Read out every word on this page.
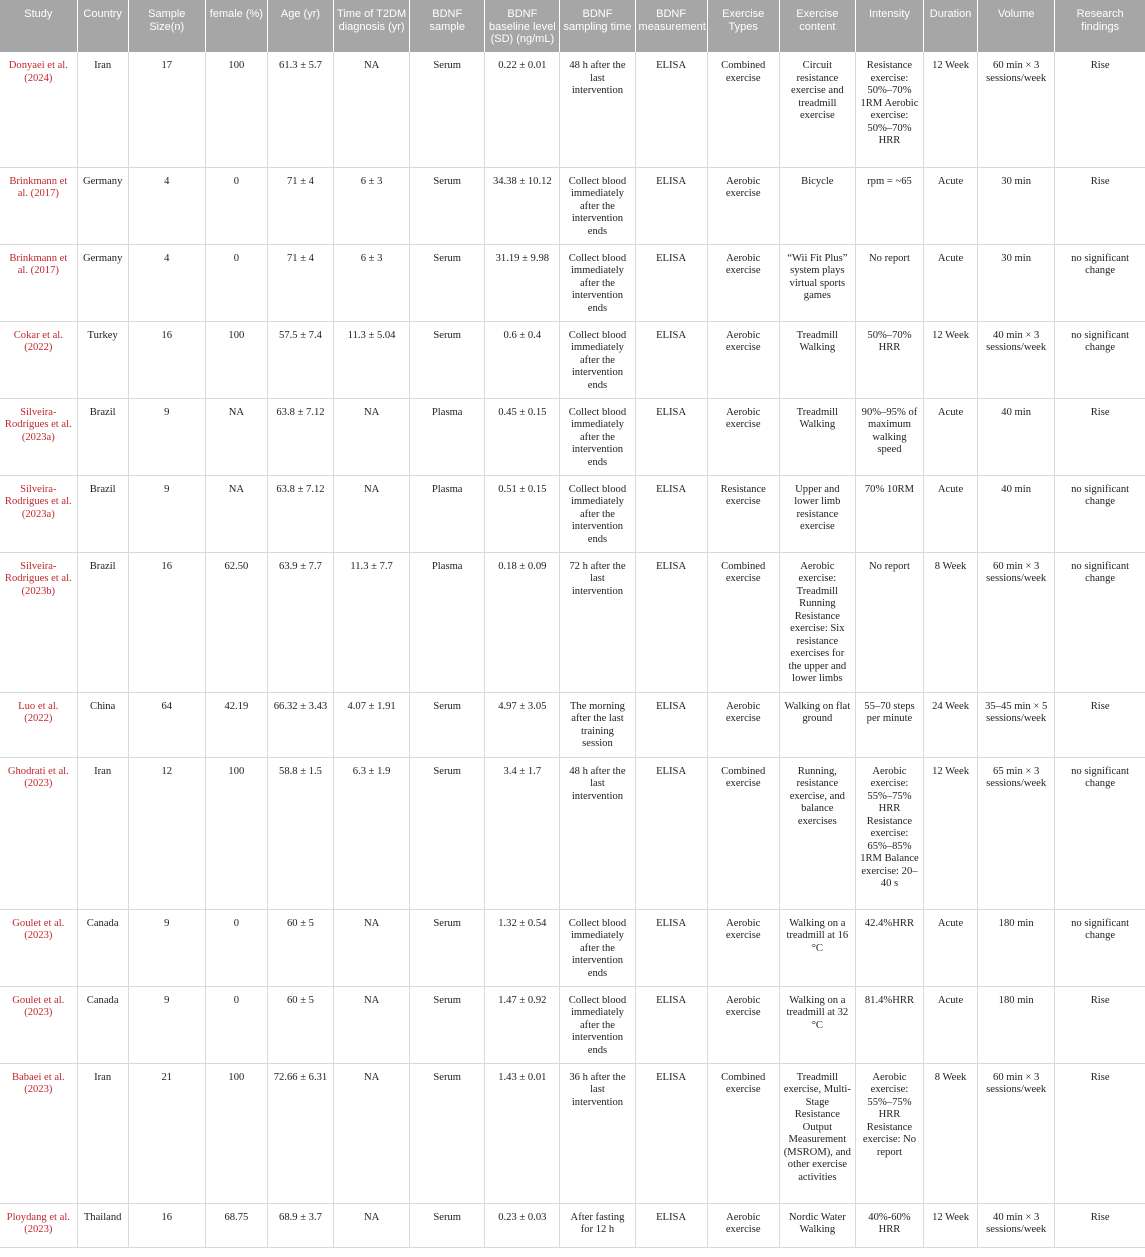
Study	Country	Sample Size(n)	female (%)	Age (yr)	Time of T2DM diagnosis (yr)	BDNF sample	BDNF baseline level (SD) (ng/mL)	BDNF sampling time	BDNF measurement	Exercise Types	Exercise content	Intensity	Duration	Volume	Research findings
Donyaei et al. (2024)	Iran	17	100	61.3 ± 5.7	NA	Serum	0.22 ± 0.01	48 h after the last intervention	ELISA	Combined exercise	Circuit resistance exercise and treadmill exercise	Resistance exercise: 50%–70% 1RM Aerobic exercise: 50%–70% HRR	12 Week	60 min × 3 sessions/week	Rise
Brinkmann et al. (2017)	Germany	4	0	71 ± 4	6 ± 3	Serum	34.38 ± 10.12	Collect blood immediately after the intervention ends	ELISA	Aerobic exercise	Bicycle	rpm = ~65	Acute	30 min	Rise
Brinkmann et al. (2017)	Germany	4	0	71 ± 4	6 ± 3	Serum	31.19 ± 9.98	Collect blood immediately after the intervention ends	ELISA	Aerobic exercise	“Wii Fit Plus” system plays virtual sports games	No report	Acute	30 min	no significant change
Cokar et al. (2022)	Turkey	16	100	57.5 ± 7.4	11.3 ± 5.04	Serum	0.6 ± 0.4	Collect blood immediately after the intervention ends	ELISA	Aerobic exercise	Treadmill Walking	50%–70% HRR	12 Week	40 min × 3 sessions/week	no significant change
Silveira-Rodrigues et al. (2023a)	Brazil	9	NA	63.8 ± 7.12	NA	Plasma	0.45 ± 0.15	Collect blood immediately after the intervention ends	ELISA	Aerobic exercise	Treadmill Walking	90%–95% of maximum walking speed	Acute	40 min	Rise
Silveira-Rodrigues et al. (2023a)	Brazil	9	NA	63.8 ± 7.12	NA	Plasma	0.51 ± 0.15	Collect blood immediately after the intervention ends	ELISA	Resistance exercise	Upper and lower limb resistance exercise	70% 10RM	Acute	40 min	no significant change
Silveira-Rodrigues et al. (2023b)	Brazil	16	62.50	63.9 ± 7.7	11.3 ± 7.7	Plasma	0.18 ± 0.09	72 h after the last intervention	ELISA	Combined exercise	Aerobic exercise: Treadmill Running Resistance exercise: Six resistance exercises for the upper and lower limbs	No report	8 Week	60 min × 3 sessions/week	no significant change
Luo et al. (2022)	China	64	42.19	66.32 ± 3.43	4.07 ± 1.91	Serum	4.97 ± 3.05	The morning after the last training session	ELISA	Aerobic exercise	Walking on flat ground	55–70 steps per minute	24 Week	35–45 min × 5 sessions/week	Rise
Ghodrati et al. (2023)	Iran	12	100	58.8 ± 1.5	6.3 ± 1.9	Serum	3.4 ± 1.7	48 h after the last intervention	ELISA	Combined exercise	Running, resistance exercise, and balance exercises	Aerobic exercise: 55%–75% HRR Resistance exercise: 65%–85% 1RM Balance exercise: 20–40 s	12 Week	65 min × 3 sessions/week	no significant change
Goulet et al. (2023)	Canada	9	0	60 ± 5	NA	Serum	1.32 ± 0.54	Collect blood immediately after the intervention ends	ELISA	Aerobic exercise	Walking on a treadmill at 16 °C	42.4%HRR	Acute	180 min	no significant change
Goulet et al. (2023)	Canada	9	0	60 ± 5	NA	Serum	1.47 ± 0.92	Collect blood immediately after the intervention ends	ELISA	Aerobic exercise	Walking on a treadmill at 32 °C	81.4%HRR	Acute	180 min	Rise
Babaei et al. (2023)	Iran	21	100	72.66 ± 6.31	NA	Serum	1.43 ± 0.01	36 h after the last intervention	ELISA	Combined exercise	Treadmill exercise, Multi-Stage Resistance Output Measurement (MSROM), and other exercise activities	Aerobic exercise: 55%–75% HRR Resistance exercise: No report	8 Week	60 min × 3 sessions/week	Rise
Ploydang et al. (2023)	Thailand	16	68.75	68.9 ± 3.7	NA	Serum	0.23 ± 0.03	After fasting for 12 h	ELISA	Aerobic exercise	Nordic Water Walking	40%-60% HRR	12 Week	40 min × 3 sessions/week	Rise
